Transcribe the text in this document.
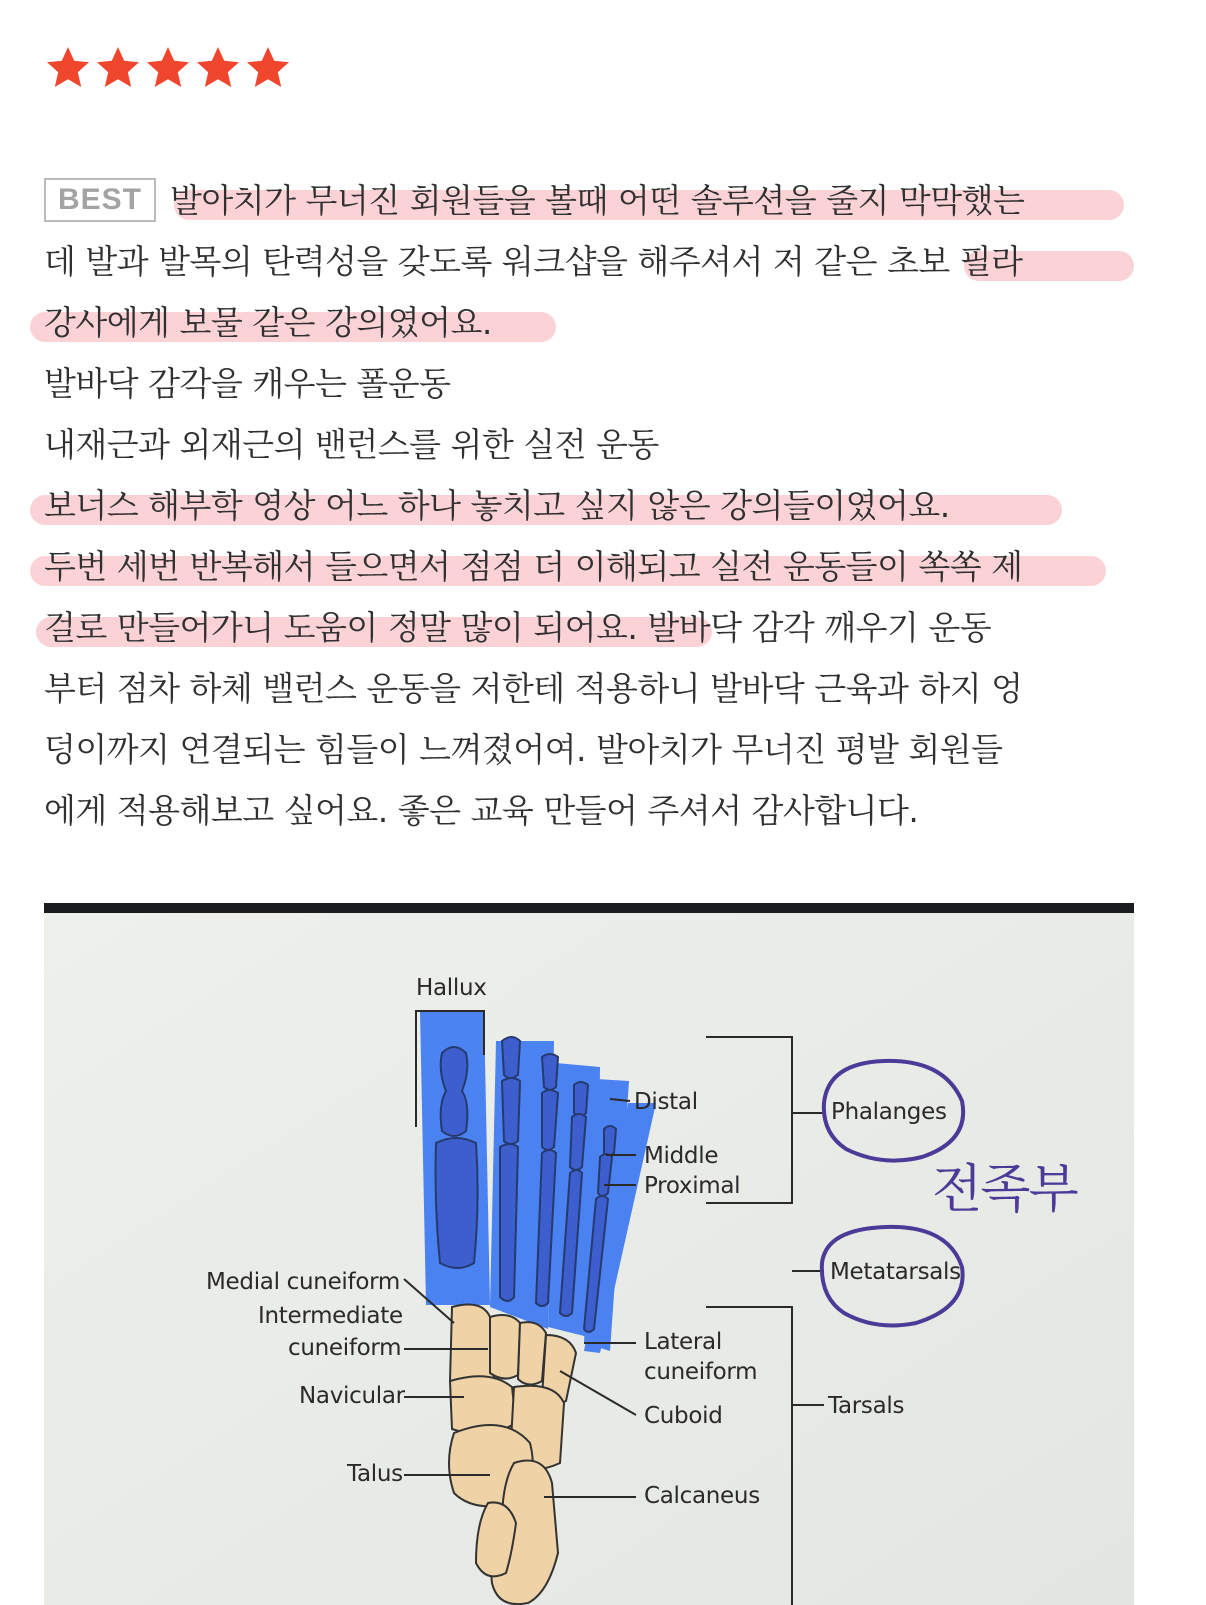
BEST 발아치가 무너진 회원들을 볼때 어떤 솔루션을 줄지 막막했는
데 발과 발목의 탄력성을 갖도록 워크샵을 해주셔서 저 같은 초보 필라
강사에게 보물 같은 강의였어요.
발바닥 감각을 캐우는 폴운동
내재근과 외재근의 밴런스를 위한 실전 운동
보너스 해부학 영상 어느 하나 놓치고 싶지 않은 강의들이였어요.
두번 세번 반복해서 들으면서 점점 더 이해되고 실전 운동들이 쏙쏙 제
걸로 만들어가니 도움이 정말 많이 되어요. 발바닥 감각 깨우기 운동
부터 점차 하체 밸런스 운동을 저한테 적용하니 발바닥 근육과 하지 엉
덩이까지 연결되는 힘들이 느껴졌어여. 발아치가 무너진 평발 회원들
에게 적용해보고 싶어요. 좋은 교육 만들어 주셔서 감사합니다.
Hallux
Distal
Middle
Proximal
Phalanges
Metatarsals
Tarsals
Medial cuneiform
Intermediate
cuneiform
Navicular
Talus
Lateral
cuneiform
Cuboid
Calcaneus
전족부
